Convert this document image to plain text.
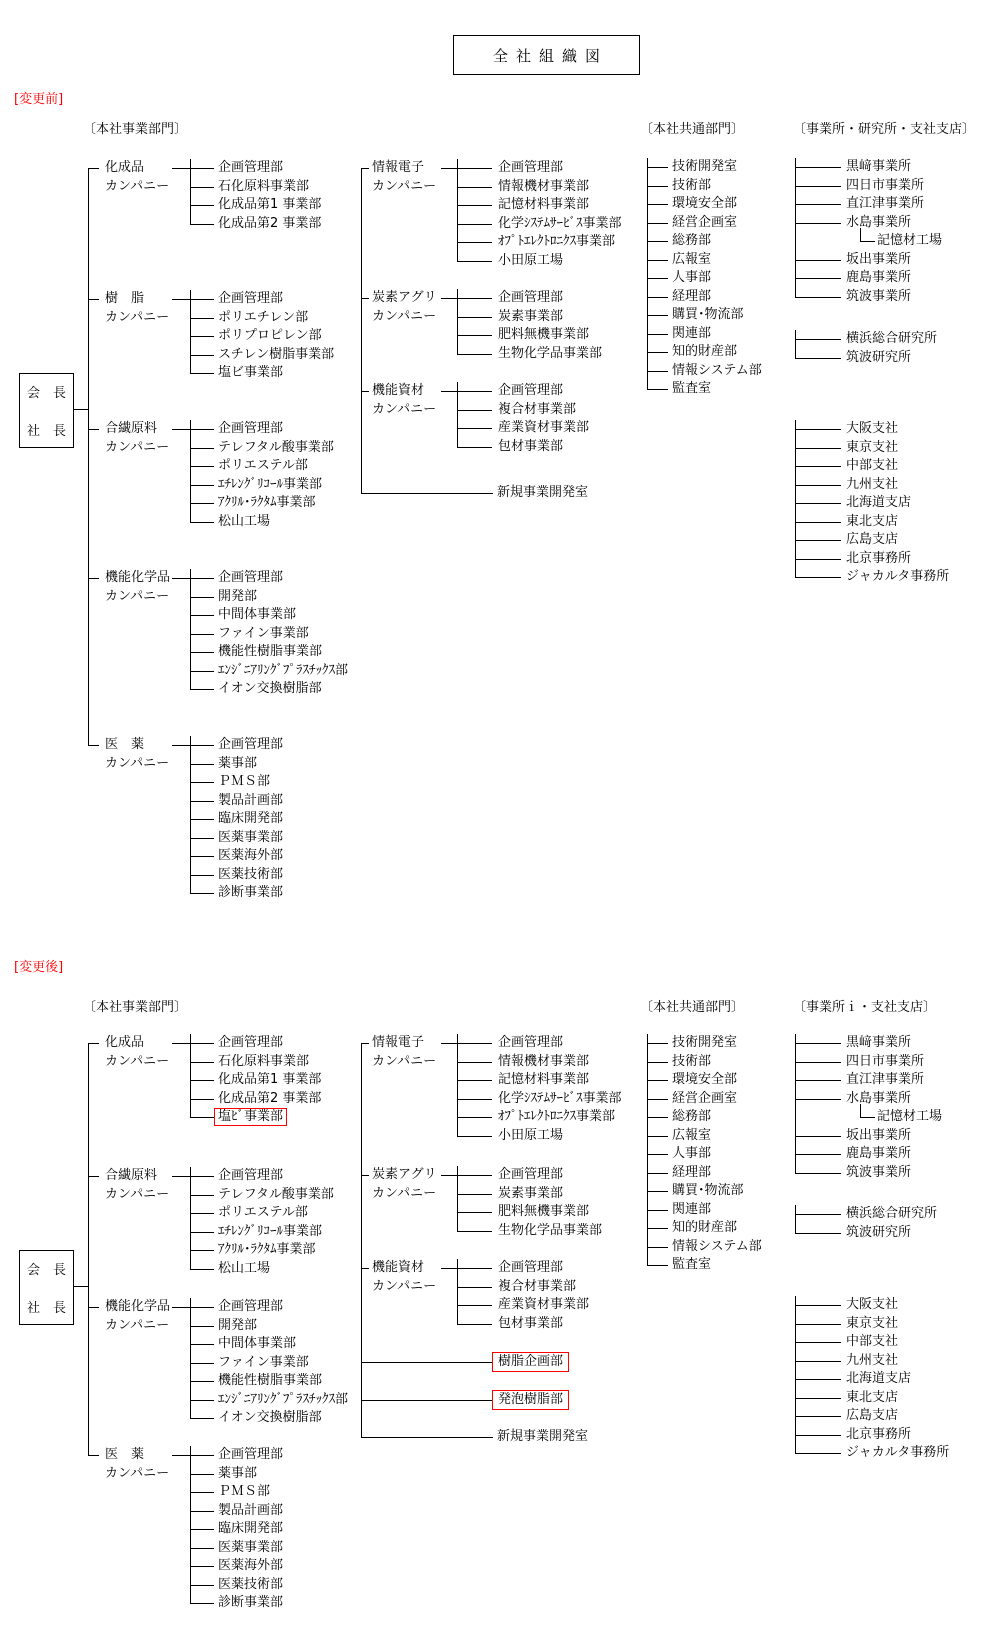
全社組織図
[変更前]
〔本社事業部門〕	〔本社共通部門〕	〔事業所・研究所・支社支店〕
会　長
社　長
化成品
カンパニー
企画管理部
石化原料事業部
化成品第1 事業部
化成品第2 事業部
樹　脂
カンパニー
企画管理部
ポリエチレン部
ポリプロピレン部
スチレン樹脂事業部
塩ビ事業部
合繊原料
カンパニー
企画管理部
テレフタル酸事業部
ポリエステル部
ｴﾁﾚﾝｸﾞﾘｺｰﾙ事業部
ｱｸﾘﾙ･ﾗｸﾀﾑ事業部
松山工場
機能化学品
カンパニー
企画管理部
開発部
中間体事業部
ファイン事業部
機能性樹脂事業部
ｴﾝｼﾞﾆｱﾘﾝｸﾞﾌﾟﾗｽﾁｯｸｽ部
イオン交換樹脂部
医　薬
カンパニー
企画管理部
薬事部
ＰＭＳ部
製品計画部
臨床開発部
医薬事業部
医薬海外部
医薬技術部
診断事業部
情報電子
カンパニー
企画管理部
情報機材事業部
記憶材料事業部
化学ｼｽﾃﾑｻｰﾋﾞｽ事業部
ｵﾌﾟﾄｴﾚｸﾄﾛﾆｸｽ事業部
小田原工場
炭素アグリ
カンパニー
企画管理部
炭素事業部
肥料無機事業部
生物化学品事業部
機能資材
カンパニー
企画管理部
複合材事業部
産業資材事業部
包材事業部
新規事業開発室
技術開発室
技術部
環境安全部
経営企画室
総務部
広報室
人事部
経理部
購買･物流部
関連部
知的財産部
情報システム部
監査室
黒﨑事業所
四日市事業所
直江津事業所
水島事業所
記憶材工場
坂出事業所
鹿島事業所
筑波事業所
横浜総合研究所
筑波研究所
大阪支社
東京支社
中部支社
九州支社
北海道支店
東北支店
広島支店
北京事務所
ジャカルタ事務所
[変更後]
〔本社事業部門〕	〔本社共通部門〕	〔事業所ｉ・支社支店〕
会　長
社　長
化成品
カンパニー
企画管理部
石化原料事業部
化成品第1 事業部
化成品第2 事業部
塩ﾋﾞ事業部
合繊原料
カンパニー
企画管理部
テレフタル酸事業部
ポリエステル部
ｴﾁﾚﾝｸﾞﾘｺｰﾙ事業部
ｱｸﾘﾙ･ﾗｸﾀﾑ事業部
松山工場
機能化学品
カンパニー
企画管理部
開発部
中間体事業部
ファイン事業部
機能性樹脂事業部
ｴﾝｼﾞﾆｱﾘﾝｸﾞﾌﾟﾗｽﾁｯｸｽ部
イオン交換樹脂部
医　薬
カンパニー
企画管理部
薬事部
ＰＭＳ部
製品計画部
臨床開発部
医薬事業部
医薬海外部
医薬技術部
診断事業部
情報電子
カンパニー
企画管理部
情報機材事業部
記憶材料事業部
化学ｼｽﾃﾑｻｰﾋﾞｽ事業部
ｵﾌﾟﾄｴﾚｸﾄﾛﾆｸｽ事業部
小田原工場
炭素アグリ
カンパニー
企画管理部
炭素事業部
肥料無機事業部
生物化学品事業部
機能資材
カンパニー
企画管理部
複合材事業部
産業資材事業部
包材事業部
樹脂企画部
発泡樹脂部
新規事業開発室
技術開発室
技術部
環境安全部
経営企画室
総務部
広報室
人事部
経理部
購買･物流部
関連部
知的財産部
情報システム部
監査室
黒﨑事業所
四日市事業所
直江津事業所
水島事業所
記憶材工場
坂出事業所
鹿島事業所
筑波事業所
横浜総合研究所
筑波研究所
大阪支社
東京支社
中部支社
九州支社
北海道支店
東北支店
広島支店
北京事務所
ジャカルタ事務所
